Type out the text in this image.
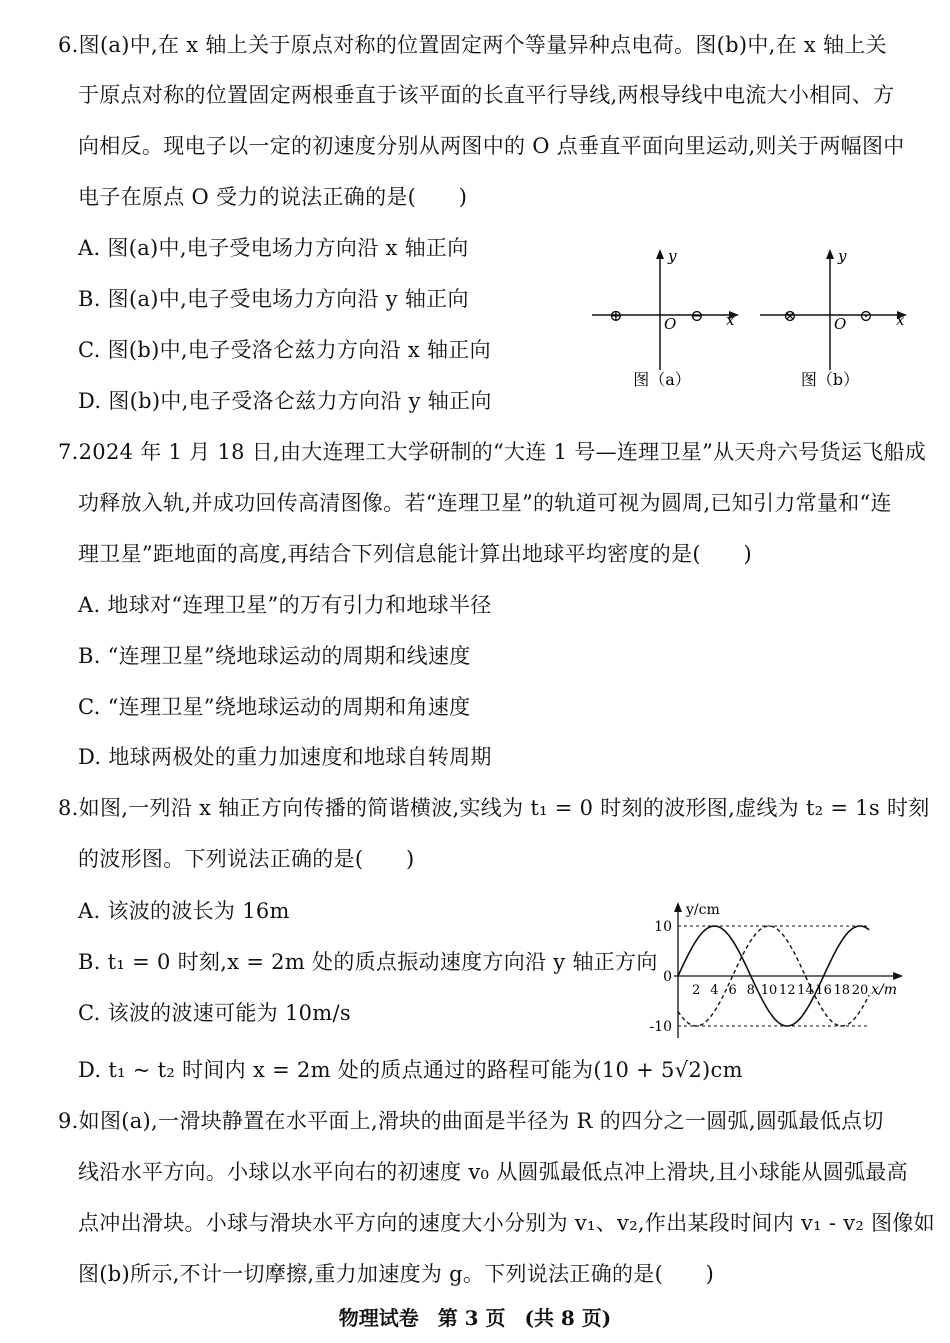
6.图(a)中,在 x 轴上关于原点对称的位置固定两个等量异种点电荷。图(b)中,在 x 轴上关
于原点对称的位置固定两根垂直于该平面的长直平行导线,两根导线中电流大小相同、方
向相反。现电子以一定的初速度分别从两图中的 O 点垂直平面向里运动,则关于两幅图中
电子在原点 O 受力的说法正确的是(　　)
A. 图(a)中,电子受电场力方向沿 x 轴正向
B. 图(a)中,电子受电场力方向沿 y 轴正向
C. 图(b)中,电子受洛仑兹力方向沿 x 轴正向
D. 图(b)中,电子受洛仑兹力方向沿 y 轴正向
y
x
O
⊕	⊖
图（a）
y
x
O
⊗	⊙
图（b）
7.2024 年 1 月 18 日,由大连理工大学研制的“大连 1 号—连理卫星”从天舟六号货运飞船成
功释放入轨,并成功回传高清图像。若“连理卫星”的轨道可视为圆周,已知引力常量和“连
理卫星”距地面的高度,再结合下列信息能计算出地球平均密度的是(　　)
A. 地球对“连理卫星”的万有引力和地球半径
B. “连理卫星”绕地球运动的周期和线速度
C. “连理卫星”绕地球运动的周期和角速度
D. 地球两极处的重力加速度和地球自转周期
8.如图,一列沿 x 轴正方向传播的简谐横波,实线为 t₁ = 0 时刻的波形图,虚线为 t₂ = 1s 时刻
的波形图。下列说法正确的是(　　)
A. 该波的波长为 16m
B. t₁ = 0 时刻,x = 2m 处的质点振动速度方向沿 y 轴正方向
C. 该波的波速可能为 10m/s
D. t₁ ~ t₂ 时间内 x = 2m 处的质点通过的路程可能为(10 + 5√2)cm
2 4 6 8 10 12 14 16 18 20
10
0
-10
y/cm
x/m
9.如图(a),一滑块静置在水平面上,滑块的曲面是半径为 R 的四分之一圆弧,圆弧最低点切
线沿水平方向。小球以水平向右的初速度 v₀ 从圆弧最低点冲上滑块,且小球能从圆弧最高
点冲出滑块。小球与滑块水平方向的速度大小分别为 v₁、v₂,作出某段时间内 v₁ - v₂ 图像如
图(b)所示,不计一切摩擦,重力加速度为 g。下列说法正确的是(　　)
物理试卷 第 3 页 (共 8 页)
